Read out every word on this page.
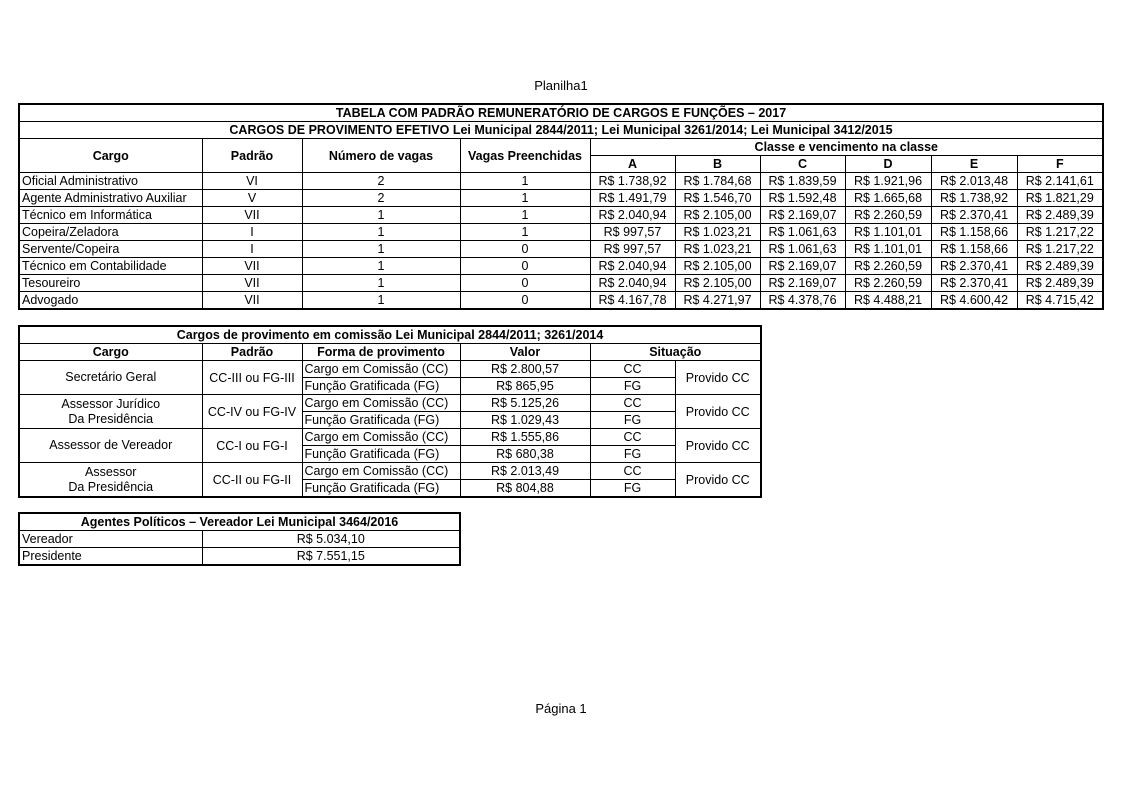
Planilha1
TABELA COM PADRÃO REMUNERATÓRIO DE CARGOS E FUNÇÕES – 2017									
CARGOS DE PROVIMENTO EFETIVO Lei Municipal 2844/2011; Lei Municipal 3261/2014; Lei Municipal 3412/2015									
Cargo	Padrão	Número de vagas	Vagas Preenchidas	Classe e vencimento na classe					
				A	B	C	D	E	F
Oficial Administrativo	VI	2	1	R$ 1.738,92	R$ 1.784,68	R$ 1.839,59	R$ 1.921,96	R$ 2.013,48	R$ 2.141,61
Agente Administrativo Auxiliar	V	2	1	R$ 1.491,79	R$ 1.546,70	R$ 1.592,48	R$ 1.665,68	R$ 1.738,92	R$ 1.821,29
Técnico em Informática	VII	1	1	R$ 2.040,94	R$ 2.105,00	R$ 2.169,07	R$ 2.260,59	R$ 2.370,41	R$ 2.489,39
Copeira/Zeladora	I	1	1	R$ 997,57	R$ 1.023,21	R$ 1.061,63	R$ 1.101,01	R$ 1.158,66	R$ 1.217,22
Servente/Copeira	I	1	0	R$ 997,57	R$ 1.023,21	R$ 1.061,63	R$ 1.101,01	R$ 1.158,66	R$ 1.217,22
Técnico em Contabilidade	VII	1	0	R$ 2.040,94	R$ 2.105,00	R$ 2.169,07	R$ 2.260,59	R$ 2.370,41	R$ 2.489,39
Tesoureiro	VII	1	0	R$ 2.040,94	R$ 2.105,00	R$ 2.169,07	R$ 2.260,59	R$ 2.370,41	R$ 2.489,39
Advogado	VII	1	0	R$ 4.167,78	R$ 4.271,97	R$ 4.378,76	R$ 4.488,21	R$ 4.600,42	R$ 4.715,42
Cargos de provimento em comissão Lei Municipal 2844/2011; 3261/2014					
Cargo	Padrão	Forma de provimento	Valor	Situação	

Secretário Geral	CC-III ou FG-III	Cargo em Comissão (CC)	R$ 2.800,57	CC	Provido CC
		Função Gratificada (FG)	R$ 865,95	FG	

Assessor Jurídico
Da Presidência	CC-IV ou FG-IV	Cargo em Comissão (CC)	R$ 5.125,26	CC	Provido CC
		Função Gratificada (FG)	R$ 1.029,43	FG	

Assessor de Vereador	CC-I ou FG-I	Cargo em Comissão (CC)	R$ 1.555,86	CC	Provido CC
		Função Gratificada (FG)	R$ 680,38	FG	

Assessor
Da Presidência	CC-II ou FG-II	Cargo em Comissão (CC)	R$ 2.013,49	CC	Provido CC
		Função Gratificada (FG)	R$ 804,88	FG	
Agentes Políticos – Vereador Lei Municipal 3464/2016	
Vereador	R$ 5.034,10
Presidente	R$ 7.551,15
Página 1
